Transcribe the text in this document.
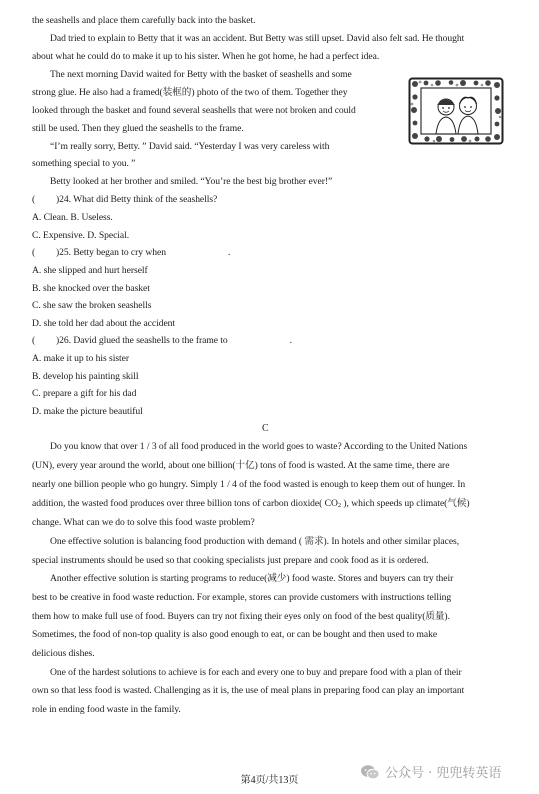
the seashells and place them carefully back into the basket.
Dad tried to explain to Betty that it was an accident. But Betty was still upset. David also felt sad. He thought
about what he could do to make it up to his sister. When he got home, he had a perfect idea.
The next morning David waited for Betty with the basket of seashells and some
strong glue. He also had a framed(装框的) photo of the two of them. Together they
looked through the basket and found several seashells that were not broken and could
still be used. Then they glued the seashells to the frame.
“I’m really sorry, Betty. ” David said. “Yesterday I was very careless with
something special to you. ”
Betty looked at her brother and smiled. “You’re the best big brother ever!”
( )24. What did Betty think of the seashells?
A. Clean. B. Useless.
C. Expensive. D. Special.
( )25. Betty began to cry when	.
A. she slipped and hurt herself
B. she knocked over the basket
C. she saw the broken seashells
D. she told her dad about the accident
( )26. David glued the seashells to the frame to	.
A. make it up to his sister
B. develop his painting skill
C. prepare a gift for his dad
D. make the picture beautiful
C
Do you know that over 1 / 3 of all food produced in the world goes to waste? According to the United Nations
(UN), every year around the world, about one billion(十亿) tons of food is wasted. At the same time, there are
nearly one billion people who go hungry. Simply 1 / 4 of the food wasted is enough to keep them out of hunger. In
addition, the wasted food produces over three billion tons of carbon dioxide( $CO_2$ ), which speeds up climate(气候)
change. What can we do to solve this food waste problem?
One effective solution is balancing food production with demand ( 需求). In hotels and other similar places,
special instruments should be used so that cooking specialists just prepare and cook food as it is ordered.
Another effective solution is starting programs to reduce(减少) food waste. Stores and buyers can try their
best to be creative in food waste reduction. For example, stores can provide customers with instructions telling
them how to make full use of food. Buyers can try not fixing their eyes only on food of the best quality(质量).
Sometimes, the food of non-top quality is also good enough to eat, or can be bought and then used to make
delicious dishes.
One of the hardest solutions to achieve is for each and every one to buy and prepare food with a plan of their
own so that less food is wasted. Challenging as it is, the use of meal plans in preparing food can play an important
role in ending food waste in the family.
公众号 · 兜兜转英语
第4页/共13页
